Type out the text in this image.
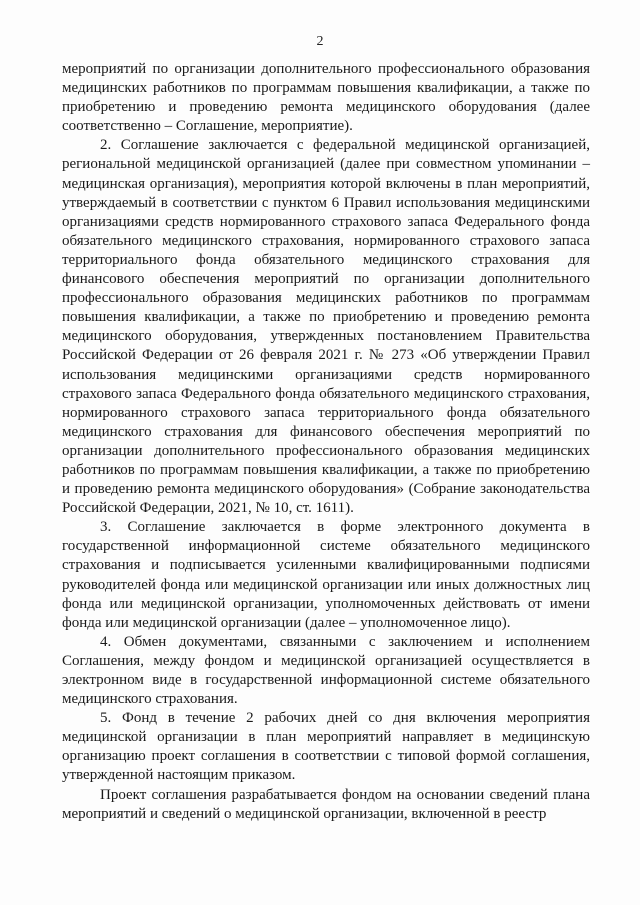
2

мероприятий по организации дополнительного профессионального образования медицинских работников по программам повышения квалификации, а также по приобретению и проведению ремонта медицинского оборудования (далее соответственно – Соглашение, мероприятие).

2. Соглашение заключается с федеральной медицинской организацией, региональной медицинской организацией (далее при совместном упоминании – медицинская организация), мероприятия которой включены в план мероприятий, утверждаемый в соответствии с пунктом 6 Правил использования медицинскими организациями средств нормированного страхового запаса Федерального фонда обязательного медицинского страхования, нормированного страхового запаса территориального фонда обязательного медицинского страхования для финансового обеспечения мероприятий по организации дополнительного профессионального образования медицинских работников по программам повышения квалификации, а также по приобретению и проведению ремонта медицинского оборудования, утвержденных постановлением Правительства Российской Федерации от 26 февраля 2021 г. № 273 «Об утверждении Правил использования медицинскими организациями средств нормированного страхового запаса Федерального фонда обязательного медицинского страхования, нормированного страхового запаса территориального фонда обязательного медицинского страхования для финансового обеспечения мероприятий по организации дополнительного профессионального образования медицинских работников по программам повышения квалификации, а также по приобретению и проведению ремонта медицинского оборудования» (Собрание законодательства Российской Федерации, 2021, № 10, ст. 1611).

3. Соглашение заключается в форме электронного документа в государственной информационной системе обязательного медицинского страхования и подписывается усиленными квалифицированными подписями руководителей фонда или медицинской организации или иных должностных лиц фонда или медицинской организации, уполномоченных действовать от имени фонда или медицинской организации (далее – уполномоченное лицо).

4. Обмен документами, связанными с заключением и исполнением Соглашения, между фондом и медицинской организацией осуществляется в электронном виде в государственной информационной системе обязательного медицинского страхования.

5. Фонд в течение 2 рабочих дней со дня включения мероприятия медицинской организации в план мероприятий направляет в медицинскую организацию проект соглашения в соответствии с типовой формой соглашения, утвержденной настоящим приказом.

Проект соглашения разрабатывается фондом на основании сведений плана мероприятий и сведений о медицинской организации, включенной в реестр
